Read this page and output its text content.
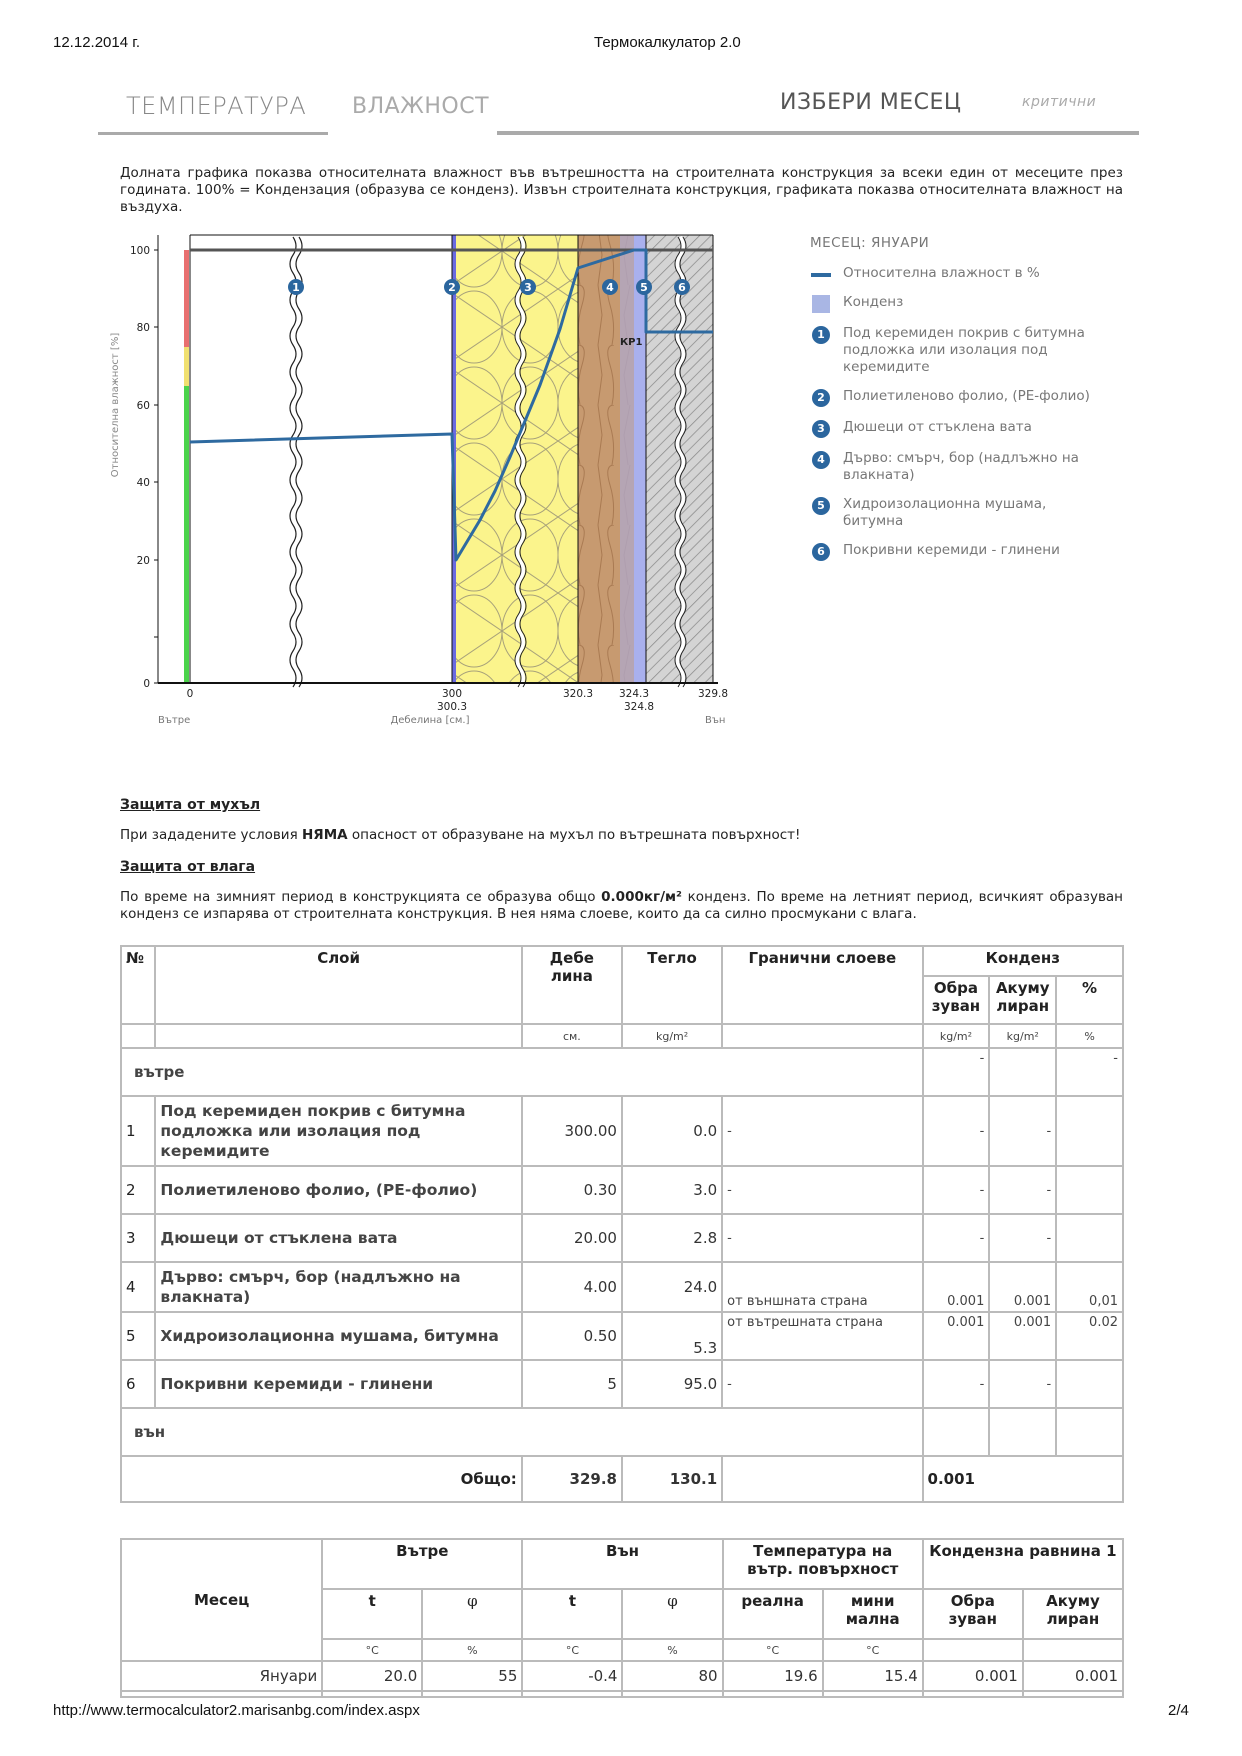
12.12.2014 г.	Термокалкулатор 2.0
ТЕМПЕРАТУРА ВЛАЖНОСТ	ИЗБЕРИ МЕСЕЦ	критични
Долната графика показва относителната влажност във вътрешността на строителната конструкция за всеки един от месеците през годината. 100% = Кондензация (образува се конденз). Извън строителната конструкция, графиката показва относителната влажност на въздуха.
100
80
60
40
20
0
Относителна влажност [%]
0	300
300.3
320.3 324.3
324.8
329.8
Вътре	Дебелина [см.]	Вън
КР1
1	2	3	4 5	6
МЕСЕЦ: ЯНУАРИ
Относителна влажност в %
Конденз
1	Под керемиден покрив с битумна подложка или изолация под керемидите
2	Полиетиленово фолио, (PE-фолио)
3	Дюшеци от стъклена вата
4	Дърво: смърч, бор (надлъжно на влакната)
5	Хидроизолационна мушама, битумна
6	Покривни керемиди - глинени
Защита от мухъл
При зададените условия НЯМА опасност от образуване на мухъл по вътрешната повърхност!
Защита от влага
По време на зимният период в конструкцията се образува общо 0.000кг/м² конденз. По време на летният период, всичкият образуван конденз се изпарява от строителната конструкция. В нея няма слоеве, които да са силно просмукани с влага.
№	Слой	Дебе лина	Тегло	Гранични слоеве	Конденз		
					Обра зуван	Акуму лиран	%
		см.	kg/m²		kg/m²	kg/m²	%
вътре					-		-
1	Под керемиден покрив с битумна подложка или изолация под керемидите	300.00	0.0	-	-	-	
2	Полиетиленово фолио, (PE-фолио)	0.30	3.0	-	-	-	
3	Дюшеци от стъклена вата	20.00	2.8	-	-	-	
4	Дърво: смърч, бор (надлъжно на влакната)	4.00	24.0	от външната страна	0.001	0.001	0,01
5	Хидроизолационна мушама, битумна	0.50	5.3	от вътрешната страна	0.001	0.001	0.02
6	Покривни керемиди - глинени	5	95.0	-	-	-	
вън							
Общо:		329.8	130.1		0.001		
Месец	Вътре		Вън		Температура на вътр. повърхност		Кондензна равнина 1	
	t	φ	t	φ	реална	мини мална	Обра зуван	Акуму лиран
	°C	%	°C	%	°C	°C		
Януари	20.0	55	-0.4	80	19.6	15.4	0.001	0.001

http://www.termocalculator2.marisanbg.com/index.aspx	2/4
